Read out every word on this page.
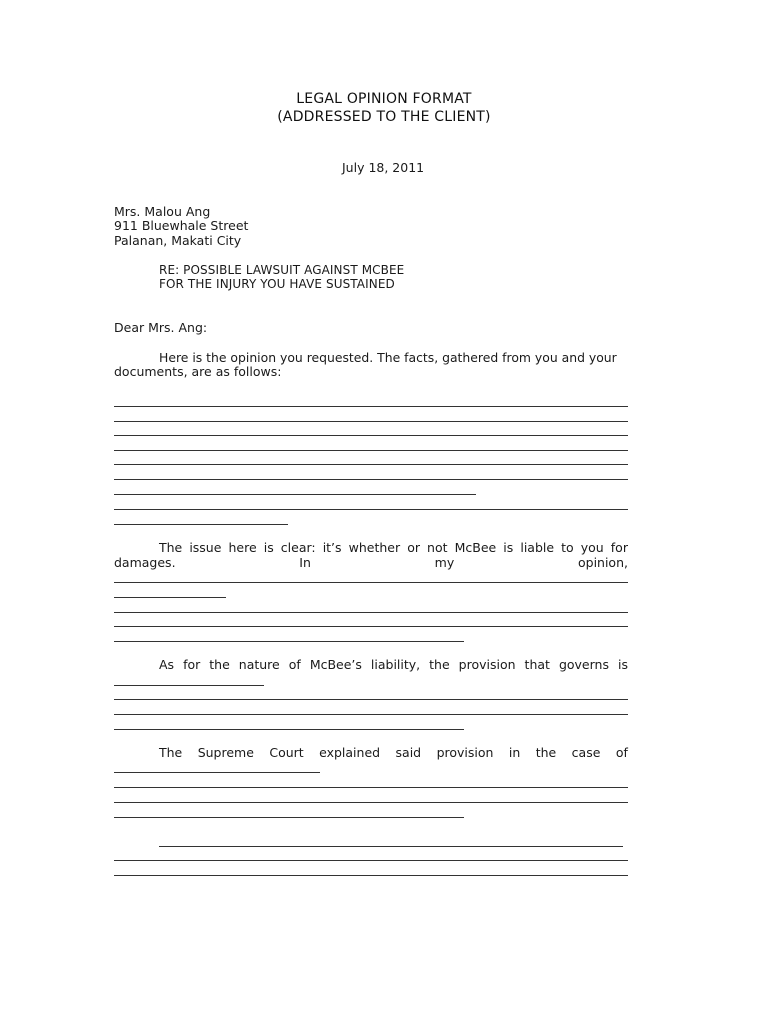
LEGAL OPINION FORMAT
(ADDRESSED TO THE CLIENT)
July 18, 2011
Mrs. Malou Ang
911 Bluewhale Street
Palanan, Makati City
RE: POSSIBLE LAWSUIT AGAINST MCBEE
FOR THE INJURY YOU HAVE SUSTAINED
Dear Mrs. Ang:
Here is the opinion you requested. The facts, gathered from you and your
documents, are as follows:
The issue here is clear: it’s whether or not McBee is liable to you for
damages.	In	my	opinion,
As for the nature of McBee’s liability, the provision that governs is
The Supreme Court explained said provision in the case of
